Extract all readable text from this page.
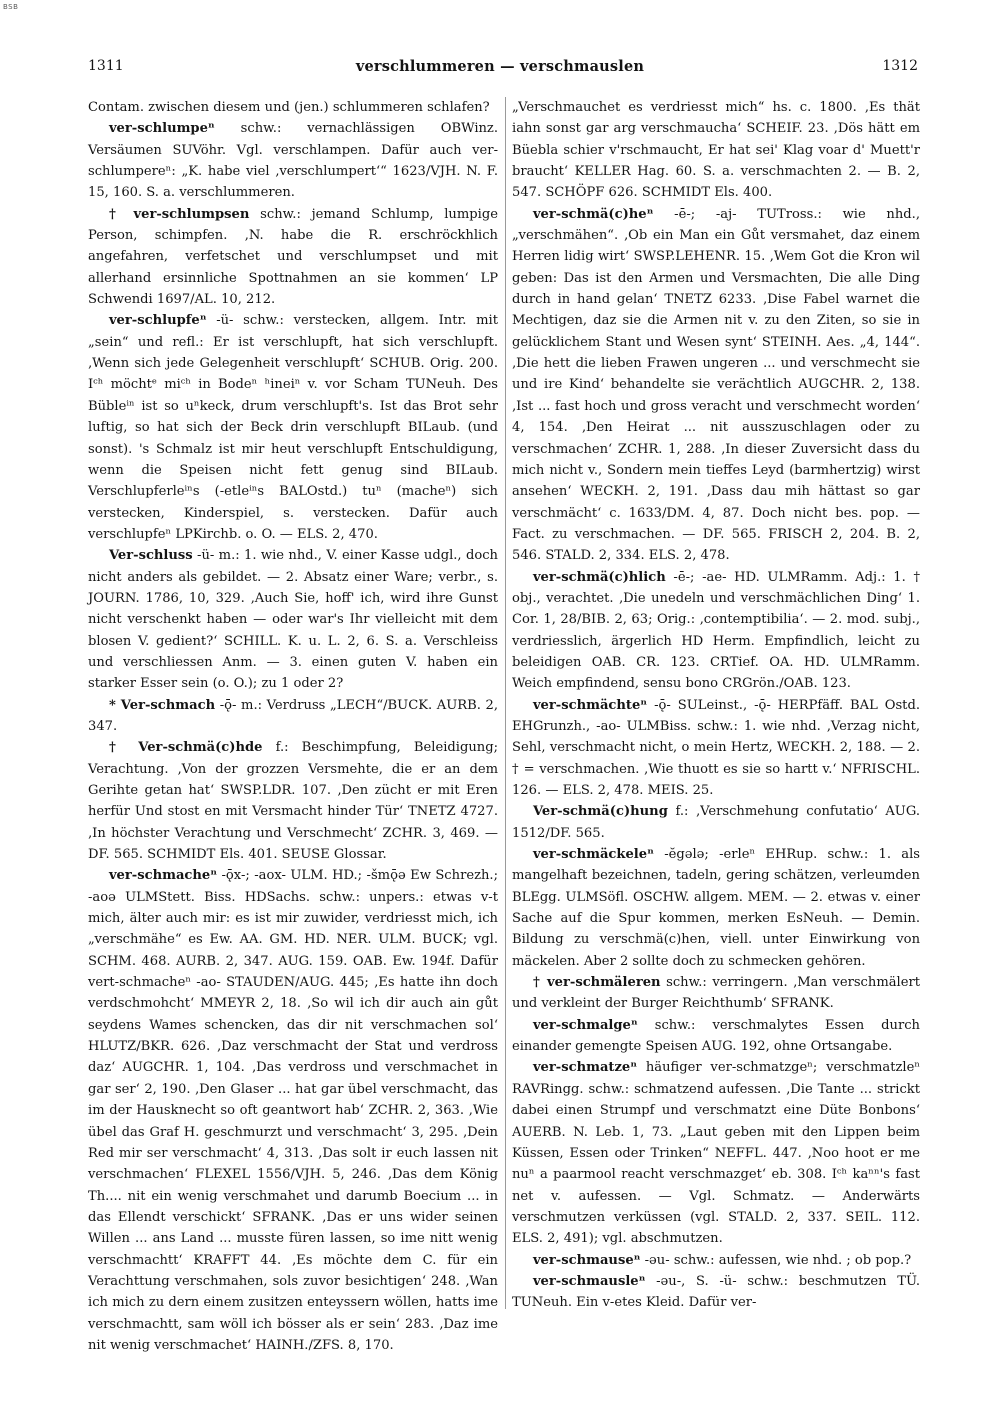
BSB
1311	verschlummeren — verschmauslen	1312

Contam. zwischen diesem und (jen.) schlummeren schlafen?

ver-schlumpeⁿ schw.: vernachlässigen OBWinz. Versäumen SUVöhr. Vgl. verschlampen. Dafür auch ver-schlumpereⁿ: „K. habe viel ‚verschlumpert‘“ 1623/VJH. N. F. 15, 160. S. a. verschlummeren.

† ver-schlumpsen schw.: jemand Schlump, lumpige Person, schimpfen. ‚N. habe die R. erschröckhlich angefahren, verfetschet und verschlumpset und mit allerhand ersinnliche Spottnahmen an sie kommen‘ LP Schwendi 1697/AL. 10, 212.

ver-schlupfeⁿ -ü- schw.: verstecken, allgem. Intr. mit „sein“ und refl.: Er ist verschlupft, hat sich verschlupft. ‚Wenn sich jede Gelegenheit verschlupft‘ SCHUB. Orig. 200. Iᶜʰ möchtᵉ miᶜʰ in Bodeⁿ ʰineiⁿ v. vor Scham TUNeuh. Des Bübleⁱⁿ ist so uⁿkeck, drum verschlupft's. Ist das Brot sehr luftig, so hat sich der Beck drin verschlupft BILaub. (und sonst). 's Schmalz ist mir heut verschlupft Entschuldigung, wenn die Speisen nicht fett genug sind BILaub. Verschlupferleⁱⁿs (-etleⁱⁿs BALOstd.) tuⁿ (macheⁿ) sich verstecken, Kinderspiel, s. verstecken. Dafür auch verschlupfeⁿ LPKirchb. o. O. — ELS. 2, 470.

Ver-schluss -ü- m.: 1. wie nhd., V. einer Kasse udgl., doch nicht anders als gebildet. — 2. Absatz einer Ware; verbr., s. JOURN. 1786, 10, 329. ‚Auch Sie, hoff' ich, wird ihre Gunst nicht verschenkt haben — oder war's Ihr vielleicht mit dem blosen V. gedient?‘ SCHILL. K. u. L. 2, 6. S. a. Verschleiss und verschliessen Anm. — 3. einen guten V. haben ein starker Esser sein (o. O.); zu 1 oder 2?

* Ver-schmach -ǭ- m.: Verdruss „LECH“/BUCK. AURB. 2, 347.

† Ver-schmä(c)hde f.: Beschimpfung, Beleidigung; Verachtung. ‚Von der grozzen Versmehte, die er an dem Gerihte getan hat‘ SWSP.LDR. 107. ‚Den zücht er mit Eren herfür Und stost en mit Versmacht hinder Tür‘ TNETZ 4727. ‚In höchster Verachtung und Verschmecht‘ ZCHR. 3, 469. — DF. 565. SCHMIDT Els. 401. SEUSE Glossar.

ver-schmacheⁿ -ǭx-; -aox- ULM. HD.; -šmǭə Ew Schrezh.; -aoə ULMStett. Biss. HDSachs. schw.: unpers.: etwas v-t mich, älter auch mir: es ist mir zuwider, verdriesst mich, ich „verschmähe“ es Ew. AA. GM. HD. NER. ULM. BUCK; vgl. SCHM. 468. AURB. 2, 347. AUG. 159. OAB. Ew. 194f. Dafür vert-schmacheⁿ -ao- STAUDEN/AUG. 445; ‚Es hatte ihn doch verdschmohcht‘ MMEYR 2, 18. ‚So wil ich dir auch ain gůt seydens Wames schencken, das dir nit verschmachen sol‘ HLUTZ/BKR. 626. ‚Daz verschmacht der Stat und verdross daz‘ AUGCHR. 1, 104. ‚Das verdross und verschmachet in gar ser‘ 2, 190. ‚Den Glaser ... hat gar übel verschmacht, das im der Hausknecht so oft geantwort hab‘ ZCHR. 2, 363. ‚Wie übel das Graf H. geschmurzt und verschmacht‘ 3, 295. ‚Dein Red mir ser verschmacht‘ 4, 313. ‚Das solt ir euch lassen nit verschmachen‘ FLEXEL 1556/VJH. 5, 246. ‚Das dem König Th.... nit ein wenig verschmahet und darumb Boecium ... in das Ellendt verschickt‘ SFRANK. ‚Das er uns wider seinen Willen ... ans Land ... musste füren lassen, so ime nitt wenig verschmachtt‘ KRAFFT 44. ‚Es möchte dem C. für ein Verachttung verschmahen, sols zuvor besichtigen‘ 248. ‚Wan ich mich zu dern einem zusitzen enteyssern wöllen, hatts ime verschmachtt, sam wöll ich bösser als er sein‘ 283. ‚Daz ime nit wenig verschmachet‘ HAINH./ZFS. 8, 170.

„Verschmauchet es verdriesst mich“ hs. c. 1800. ‚Es thät iahn sonst gar arg verschmaucha‘ SCHEIF. 23. ‚Dös hätt em Büebla schier v'rschmaucht, Er hat sei' Klag voar d' Muett'r braucht‘ KELLER Hag. 60. S. a. verschmachten 2. — B. 2, 547. SCHÖPF 626. SCHMIDT Els. 400.

ver-schmä(c)heⁿ -ē-; -aj- TUTross.: wie nhd., „verschmähen“. ‚Ob ein Man ein Gůt versmahet, daz einem Herren lidig wirt‘ SWSP.LEHENR. 15. ‚Wem Got die Kron wil geben: Das ist den Armen und Versmachten, Die alle Ding durch in hand gelan‘ TNETZ 6233. ‚Dise Fabel warnet die Mechtigen, daz sie die Armen nit v. zu den Ziten, so sie in gelücklichem Stant und Wesen synt‘ STEINH. Aes. „4, 144“. ‚Die hett die lieben Frawen ungeren ... und verschmecht sie und ire Kind‘ behandelte sie verächtlich AUGCHR. 2, 138. ‚Ist ... fast hoch und gross veracht und verschmecht worden‘ 4, 154. ‚Den Heirat ... nit ausszuschlagen oder zu verschmachen‘ ZCHR. 1, 288. ‚In dieser Zuversicht dass du mich nicht v., Sondern mein tieffes Leyd (barmhertzig) wirst ansehen‘ WECKH. 2, 191. ‚Dass dau mih hättast so gar verschmächt‘ c. 1633/DM. 4, 87. Doch nicht bes. pop. — Fact. zu verschmachen. — DF. 565. FRISCH 2, 204. B. 2, 546. STALD. 2, 334. ELS. 2, 478.

ver-schmä(c)hlich -ē-; -ae- HD. ULMRamm. Adj.: 1. † obj., verachtet. ‚Die unedeln und verschmächlichen Ding‘ 1. Cor. 1, 28/BIB. 2, 63; Orig.: ‚contemptibilia‘. — 2. mod. subj., verdriesslich, ärgerlich HD Herm. Empfindlich, leicht zu beleidigen OAB. CR. 123. CRTief. OA. HD. ULMRamm. Weich empfindend, sensu bono CRGrön./OAB. 123.

ver-schmächteⁿ -ǭ- SULeinst., -ǭ- HERPfäff. BAL Ostd. EHGrunzh., -ao- ULMBiss. schw.: 1. wie nhd. ‚Verzag nicht, Sehl, verschmacht nicht, o mein Hertz, WECKH. 2, 188. — 2. † = verschmachen. ‚Wie thuott es sie so hartt v.‘ NFRISCHL. 126. — ELS. 2, 478. MEIS. 25.

Ver-schmä(c)hung f.: ‚Verschmehung confutatio‘ AUG. 1512/DF. 565.

ver-schmäckeleⁿ -ĕgələ; -erleⁿ EHRup. schw.: 1. als mangelhaft bezeichnen, tadeln, gering schätzen, verleumden BLEgg. ULMSöfl. OSCHW. allgem. MEM. — 2. etwas v. einer Sache auf die Spur kommen, merken EsNeuh. — Demin. Bildung zu verschmä(c)hen, viell. unter Einwirkung von mäckelen. Aber 2 sollte doch zu schmecken gehören.

† ver-schmäleren schw.: verringern. ‚Man verschmälert und verkleint der Burger Reichthumb‘ SFRANK.

ver-schmalgeⁿ schw.: verschmalytes Essen durch einander gemengte Speisen AUG. 192, ohne Ortsangabe.

ver-schmatzeⁿ häufiger ver-schmatzgeⁿ; verschmatzleⁿ RAVRingg. schw.: schmatzend aufessen. ‚Die Tante ... strickt dabei einen Strumpf und verschmatzt eine Düte Bonbons‘ AUERB. N. Leb. 1, 73. „Laut geben mit den Lippen beim Küssen, Essen oder Trinken“ NEFFL. 447. ‚Noo hoot er me nuⁿ a paarmool reacht verschmazget‘ eb. 308. Iᶜʰ kaⁿⁿ's fast net v. aufessen. — Vgl. Schmatz. — Anderwärts verschmutzen verküssen (vgl. STALD. 2, 337. SEIL. 112. ELS. 2, 491); vgl. abschmutzen.

ver-schmauseⁿ -əu- schw.: aufessen, wie nhd. ; ob pop.?

ver-schmausleⁿ -əu-, S. -ü- schw.: beschmutzen TÜ. TUNeuh. Ein v-etes Kleid. Dafür ver-
